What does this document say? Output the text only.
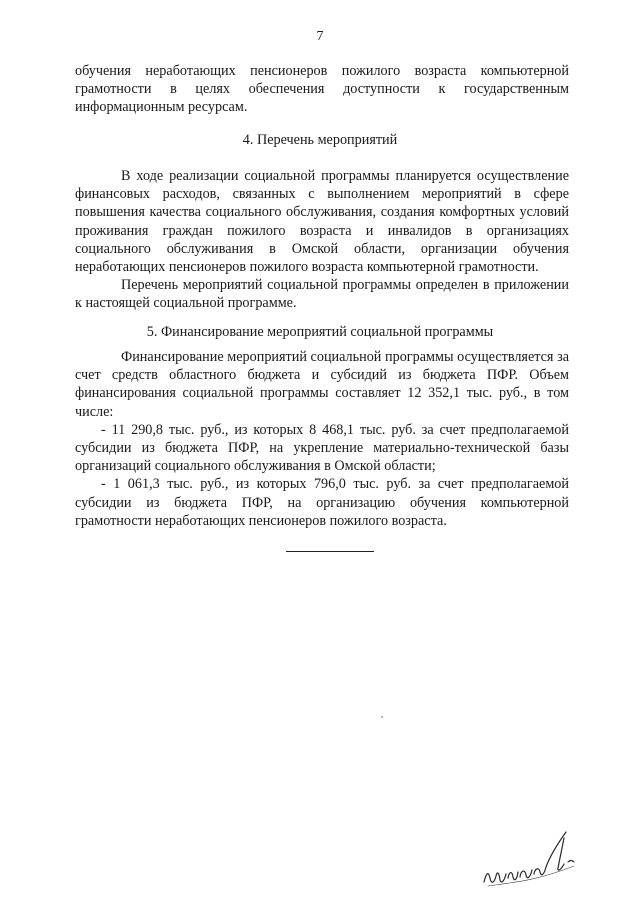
7

обучения неработающих пенсионеров пожилого возраста компьютерной грамотности в целях обеспечения доступности к государственным информационным ресурсам.

4. Перечень мероприятий

В ходе реализации социальной программы планируется осуществление финансовых расходов, связанных с выполнением мероприятий в сфере повышения качества социального обслуживания, создания комфортных условий проживания граждан пожилого возраста и инвалидов в организациях социального обслуживания в Омской области, организации обучения неработающих пенсионеров пожилого возраста компьютерной грамотности.

Перечень мероприятий социальной программы определен в приложении к настоящей социальной программе.

5. Финансирование мероприятий социальной программы

Финансирование мероприятий социальной программы осуществляется за счет средств областного бюджета и субсидий из бюджета ПФР. Объем финансирования социальной программы составляет 12 352,1 тыс. руб., в том числе:

- 11 290,8 тыс. руб., из которых 8 468,1 тыс. руб. за счет предполагаемой субсидии из бюджета ПФР, на укрепление материально-технической базы организаций социального обслуживания в Омской области;

- 1 061,3 тыс. руб., из которых 796,0 тыс. руб. за счет предполагаемой субсидии из бюджета ПФР, на организацию обучения компьютерной грамотности неработающих пенсионеров пожилого возраста.
